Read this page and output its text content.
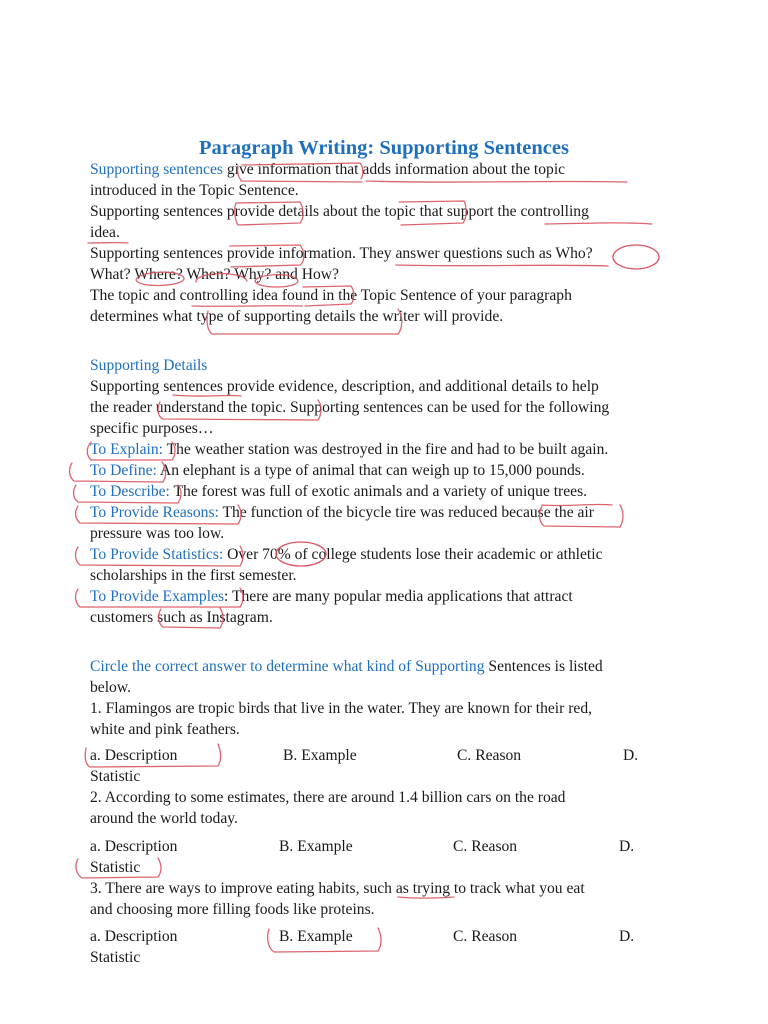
Paragraph Writing: Supporting Sentences
Supporting sentences give information that adds information about the topic
introduced in the Topic Sentence.
Supporting sentences provide details about the topic that support the controlling
idea.
Supporting sentences provide information. They answer questions such as Who?
What? Where? When? Why? and How?
The topic and controlling idea found in the Topic Sentence of your paragraph
determines what type of supporting details the writer will provide.
Supporting Details
Supporting sentences provide evidence, description, and additional details to help
the reader understand the topic. Supporting sentences can be used for the following
specific purposes…
To Explain: The weather station was destroyed in the fire and had to be built again.
To Define: An elephant is a type of animal that can weigh up to 15,000 pounds.
To Describe: The forest was full of exotic animals and a variety of unique trees.
To Provide Reasons: The function of the bicycle tire was reduced because the air
pressure was too low.
To Provide Statistics: Over 70% of college students lose their academic or athletic
scholarships in the first semester.
To Provide Examples: There are many popular media applications that attract
customers such as Instagram.
Circle the correct answer to determine what kind of Supporting Sentences is listed
below.
1. Flamingos are tropic birds that live in the water. They are known for their red,
white and pink feathers.
a. Description	B. Example	C. Reason	D.
Statistic
2. According to some estimates, there are around 1.4 billion cars on the road
around the world today.
a. Description	B. Example	C. Reason	D.
Statistic
3. There are ways to improve eating habits, such as trying to track what you eat
and choosing more filling foods like proteins.
a. Description	B. Example	C. Reason	D.
Statistic
